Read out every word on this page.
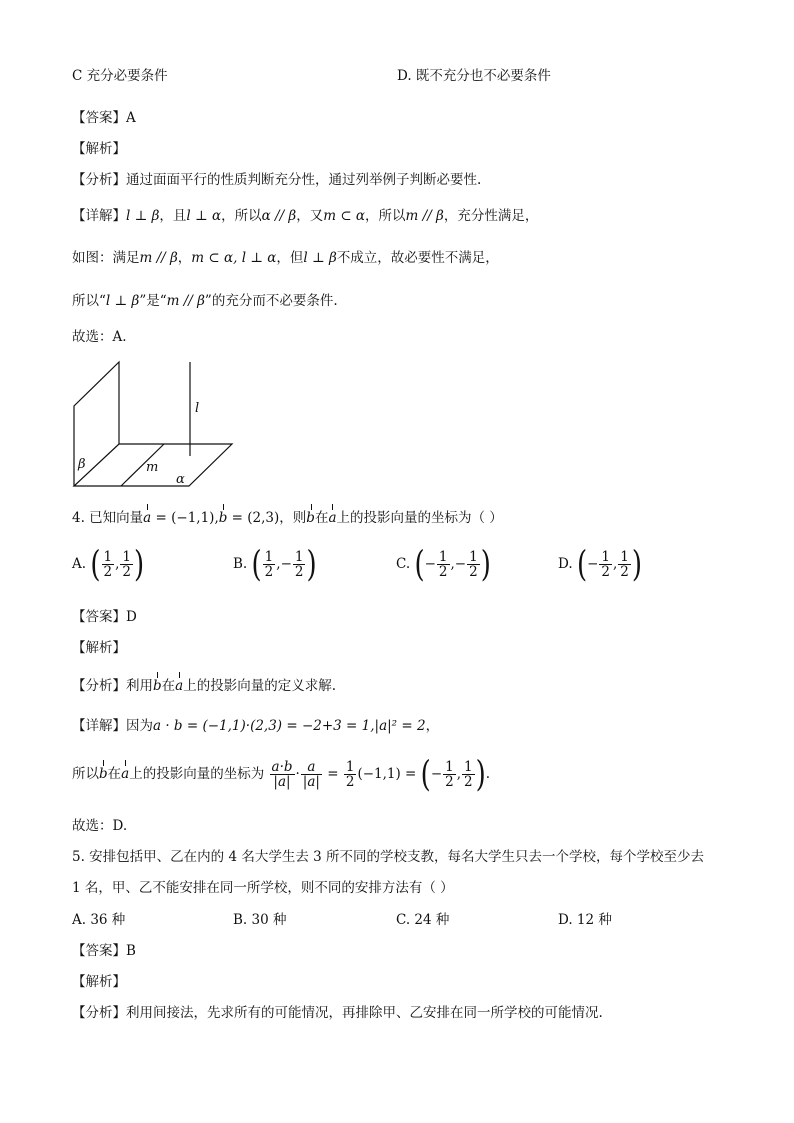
C 充分必要条件	D. 既不充分也不必要条件
【答案】A
【解析】
【分析】通过面面平行的性质判断充分性，通过列举例子判断必要性.
【详解】l ⊥ β，且l ⊥ α，所以α // β，又m ⊂ α，所以m // β，充分性满足，
如图：满足m // β，m ⊂ α, l ⊥ α，但l ⊥ β不成立，故必要性不满足，
所以“l ⊥ β”是“m // β”的充分而不必要条件.
故选：A.
l
β	m
α
4. 已知向量a = (−1,1),b = (2,3)，则b在a上的投影向量的坐标为（ ）
A. ( $\frac{1}{2}$ , $\frac{1}{2}$ )	B. ( $\frac{1}{2}$ ,− $\frac{1}{2}$ )	C. (− $\frac{1}{2}$ ,− $\frac{1}{2}$ )	D. (− $\frac{1}{2}$ , $\frac{1}{2}$ )
【答案】D
【解析】
【分析】利用b在a上的投影向量的定义求解.
【详解】因为a · b = (−1,1)·(2,3) = −2+3 = 1,|a|² = 2，
所以b在a上的投影向量的坐标为 $\frac{a\cdot b}{|a|} \cdot \frac{a}{|a|} = \frac{1}{2} (-1,1)$ = (− $\frac{1}{2}$ , $\frac{1}{2}$ ).
故选：D.
5. 安排包括甲、乙在内的 4 名大学生去 3 所不同的学校支教，每名大学生只去一个学校，每个学校至少去
1 名，甲、乙不能安排在同一所学校，则不同的安排方法有（ ）
A. 36 种	B. 30 种	C. 24 种	D. 12 种
【答案】B
【解析】
【分析】利用间接法，先求所有的可能情况，再排除甲、乙安排在同一所学校的可能情况.
